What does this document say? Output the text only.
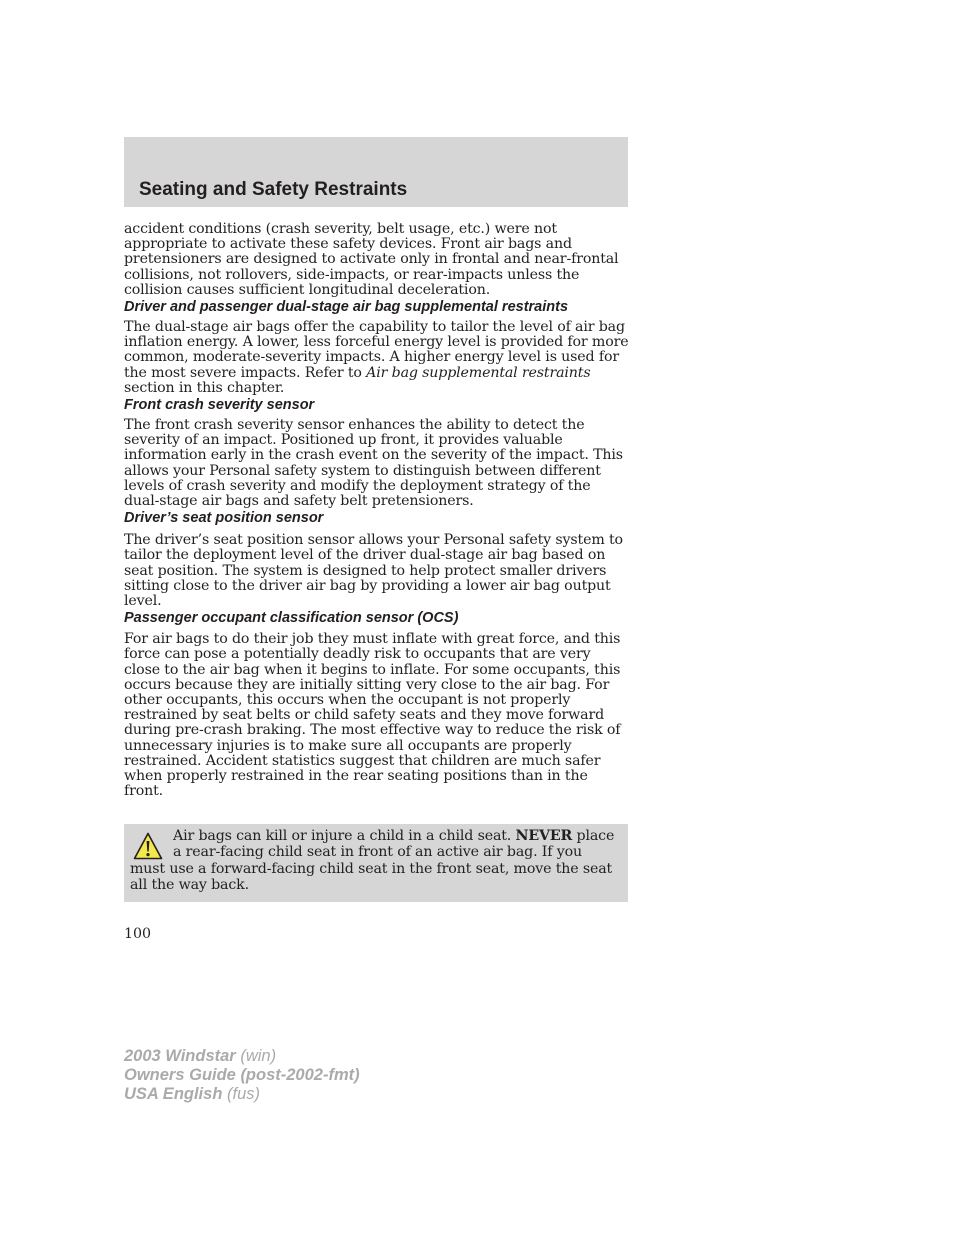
Seating and Safety Restraints

accident conditions (crash severity, belt usage, etc.) were not appropriate to activate these safety devices. Front air bags and pretensioners are designed to activate only in frontal and near-frontal collisions, not rollovers, side-impacts, or rear-impacts unless the collision causes sufficient longitudinal deceleration.

Driver and passenger dual-stage air bag supplemental restraints

The dual-stage air bags offer the capability to tailor the level of air bag inflation energy. A lower, less forceful energy level is provided for more common, moderate-severity impacts. A higher energy level is used for the most severe impacts. Refer to Air bag supplemental restraints section in this chapter.

Front crash severity sensor

The front crash severity sensor enhances the ability to detect the severity of an impact. Positioned up front, it provides valuable information early in the crash event on the severity of the impact. This allows your Personal safety system to distinguish between different levels of crash severity and modify the deployment strategy of the dual-stage air bags and safety belt pretensioners.

Driver’s seat position sensor

The driver’s seat position sensor allows your Personal safety system to tailor the deployment level of the driver dual-stage air bag based on seat position. The system is designed to help protect smaller drivers sitting close to the driver air bag by providing a lower air bag output level.

Passenger occupant classification sensor (OCS)

For air bags to do their job they must inflate with great force, and this force can pose a potentially deadly risk to occupants that are very close to the air bag when it begins to inflate. For some occupants, this occurs because they are initially sitting very close to the air bag. For other occupants, this occurs when the occupant is not properly restrained by seat belts or child safety seats and they move forward during pre-crash braking. The most effective way to reduce the risk of unnecessary injuries is to make sure all occupants are properly restrained. Accident statistics suggest that children are much safer when properly restrained in the rear seating positions than in the front.

Air bags can kill or injure a child in a child seat. NEVER place a rear-facing child seat in front of an active air bag. If you must use a forward-facing child seat in the front seat, move the seat all the way back.

100
2003 Windstar (win)
Owners Guide (post-2002-fmt)
USA English (fus)
